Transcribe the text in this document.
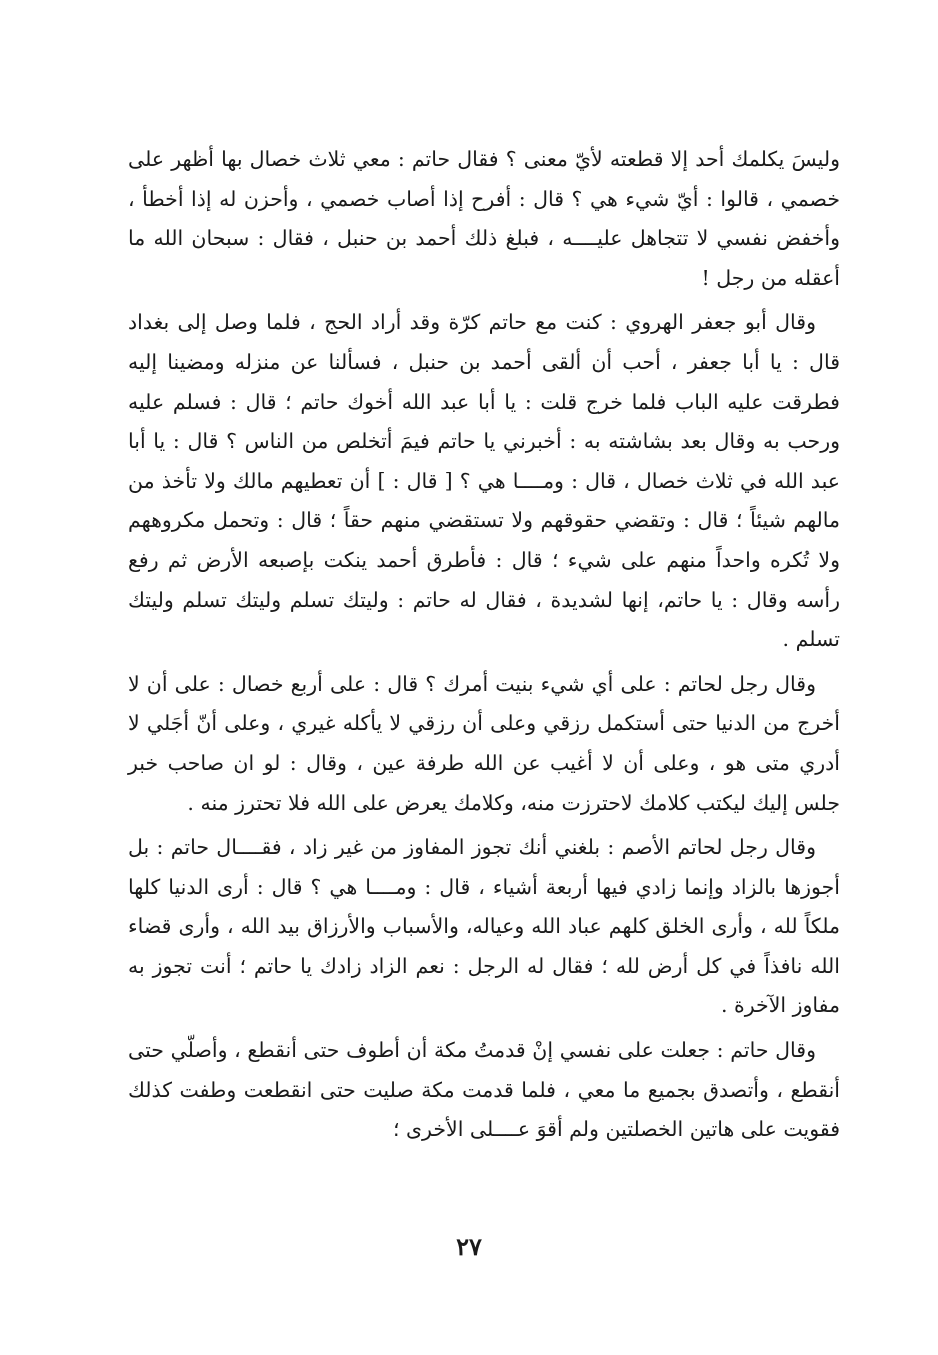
وليسَ يكلمك أحد إلا قطعته لأيّ معنى ؟ فقال حاتم : معي ثلاث خصال بها أظهر على خصمي ، قالوا : أيّ شيء هي ؟ قال : أفرح إذا أصاب خصمي ، وأحزن له إذا أخطأ ، وأخفض نفسي لا تتجاهل عليــــه ، فبلغ ذلك أحمد بن حنبل ، فقال : سبحان الله ما أعقله من رجل !

وقال أبو جعفر الهروي : كنت مع حاتم كرّة وقد أراد الحج ، فلما وصل إلى بغداد قال : يا أبا جعفر ، أحب أن ألقى أحمد بن حنبل ، فسألنا عن منزله ومضينا إليه فطرقت عليه الباب فلما خرج قلت : يا أبا عبد الله أخوك حاتم ؛ قال : فسلم عليه ورحب به وقال بعد بشاشته به : أخبرني يا حاتم فيمَ أتخلص من الناس ؟ قال : يا أبا عبد الله في ثلاث خصال ، قال : ومــــا هي ؟ [ قال : ] أن تعطيهم مالك ولا تأخذ من مالهم شيئاً ؛ قال : وتقضي حقوقهم ولا تستقضي منهم حقاً ؛ قال : وتحمل مكروههم ولا تُكره واحداً منهم على شيء ؛ قال : فأطرق أحمد ينكت بإصبعه الأرض ثم رفع رأسه وقال : يا حاتم، إنها لشديدة ، فقال له حاتم : وليتك تسلم وليتك تسلم وليتك تسلم .

وقال رجل لحاتم : على أي شيء بنيت أمرك ؟ قال : على أربع خصال : على أن لا أخرج من الدنيا حتى أستكمل رزقي وعلى أن رزقي لا يأكله غيري ، وعلى أنّ أجَلي لا أدري متى هو ، وعلى أن لا أغيب عن الله طرفة عين ، وقال : لو ان صاحب خبر جلس إليك ليكتب كلامك لاحترزت منه، وكلامك يعرض على الله فلا تحترز منه .

وقال رجل لحاتم الأصم : بلغني أنك تجوز المفاوز من غير زاد ، فقــــال حاتم : بل أجوزها بالزاد وإنما زادي فيها أربعة أشياء ، قال : ومــــا هي ؟ قال : أرى الدنيا كلها ملكاً لله ، وأرى الخلق كلهم عباد الله وعياله، والأسباب والأرزاق بيد الله ، وأرى قضاء الله نافذاً في كل أرض لله ؛ فقال له الرجل : نعم الزاد زادك يا حاتم ؛ أنت تجوز به مفاوز الآخرة .

وقال حاتم : جعلت على نفسي إنْ قدمتُ مكة أن أطوف حتى أنقطع ، وأصلّي حتى أنقطع ، وأتصدق بجميع ما معي ، فلما قدمت مكة صليت حتى انقطعت وطفت كذلك فقويت على هاتين الخصلتين ولم أقوَ عــــلى الأخرى ؛

٢٧
